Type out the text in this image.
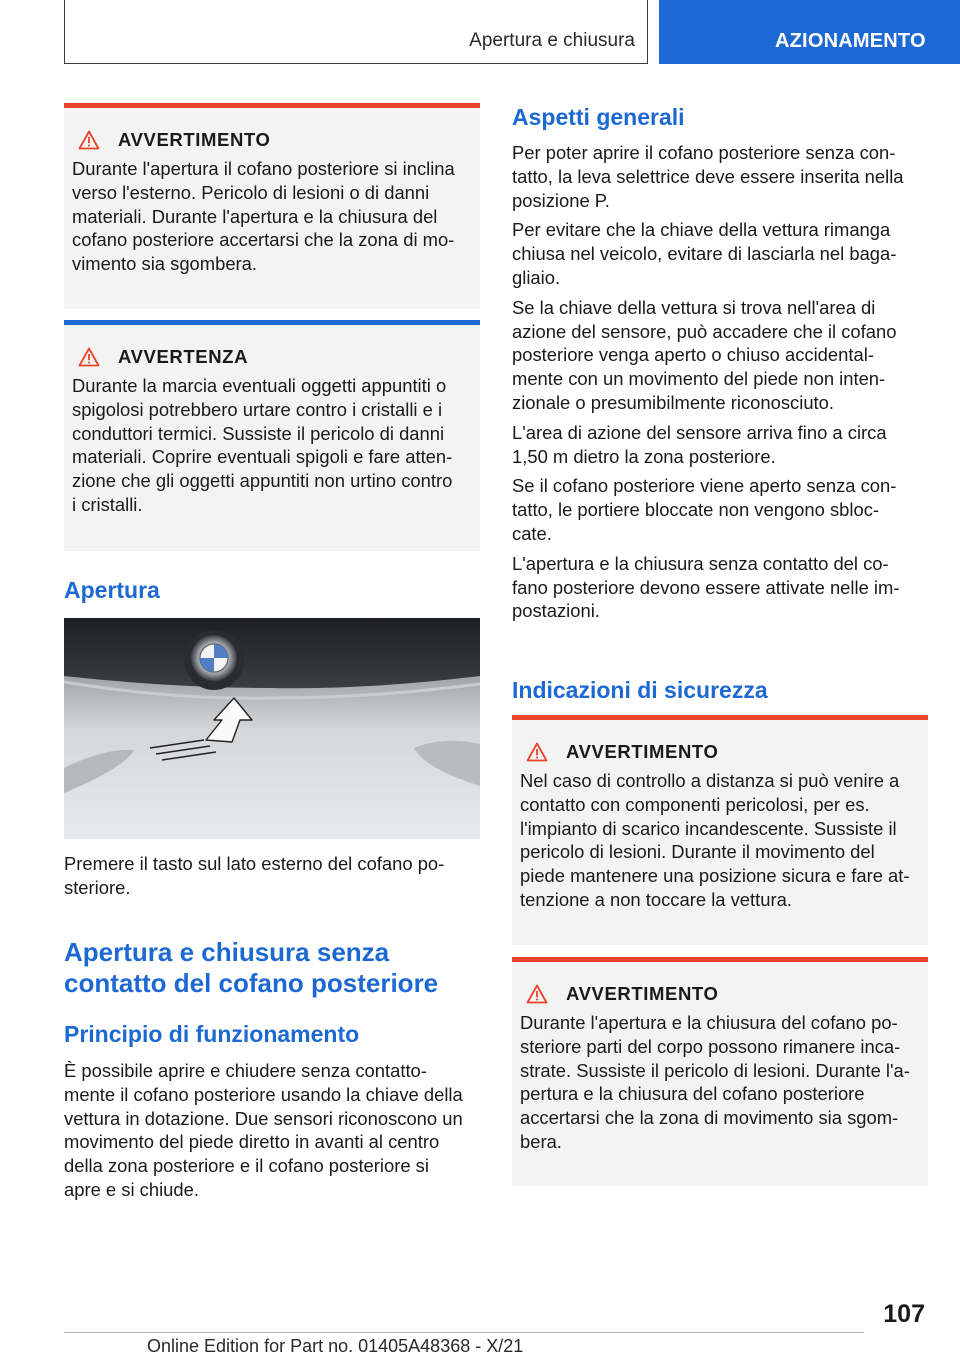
Apertura e chiusura	AZIONAMENTO
AVVERTIMENTO

Durante l'apertura il cofano posteriore si inclina

verso l'esterno. Pericolo di lesioni o di danni

materiali. Durante l'apertura e la chiusura del

cofano posteriore accertarsi che la zona di mo‐

vimento sia sgombera.

AVVERTENZA

Durante la marcia eventuali oggetti appuntiti o

spigolosi potrebbero urtare contro i cristalli e i

conduttori termici. Sussiste il pericolo di danni

materiali. Coprire eventuali spigoli e fare atten‐

zione che gli oggetti appuntiti non urtino contro

i cristalli.

Apertura

Premere il tasto sul lato esterno del cofano po‐

steriore.

Apertura e chiusura senza
contatto del cofano posteriore
Principio di funzionamento

È possibile aprire e chiudere senza contatto‐

mente il cofano posteriore usando la chiave della

vettura in dotazione. Due sensori riconoscono un

movimento del piede diretto in avanti al centro

della zona posteriore e il cofano posteriore si

apre e si chiude.

Aspetti generali

Per poter aprire il cofano posteriore senza con‐

tatto, la leva selettrice deve essere inserita nella

posizione P.

Per evitare che la chiave della vettura rimanga

chiusa nel veicolo, evitare di lasciarla nel baga‐

gliaio.

Se la chiave della vettura si trova nell'area di

azione del sensore, può accadere che il cofano

posteriore venga aperto o chiuso accidental‐

mente con un movimento del piede non inten‐

zionale o presumibilmente riconosciuto.

L'area di azione del sensore arriva fino a circa

1,50 m dietro la zona posteriore.

Se il cofano posteriore viene aperto senza con‐

tatto, le portiere bloccate non vengono sbloc‐

cate.

L'apertura e la chiusura senza contatto del co‐

fano posteriore devono essere attivate nelle im‐

postazioni.

Indicazioni di sicurezza
AVVERTIMENTO

Nel caso di controllo a distanza si può venire a

contatto con componenti pericolosi, per es.

l'impianto di scarico incandescente. Sussiste il

pericolo di lesioni. Durante il movimento del

piede mantenere una posizione sicura e fare at‐

tenzione a non toccare la vettura.

AVVERTIMENTO

Durante l'apertura e la chiusura del cofano po‐

steriore parti del corpo possono rimanere inca‐

strate. Sussiste il pericolo di lesioni. Durante l'a‐

pertura e la chiusura del cofano posteriore

accertarsi che la zona di movimento sia sgom‐

bera.

107
Online Edition for Part no. 01405A48368 - X/21
